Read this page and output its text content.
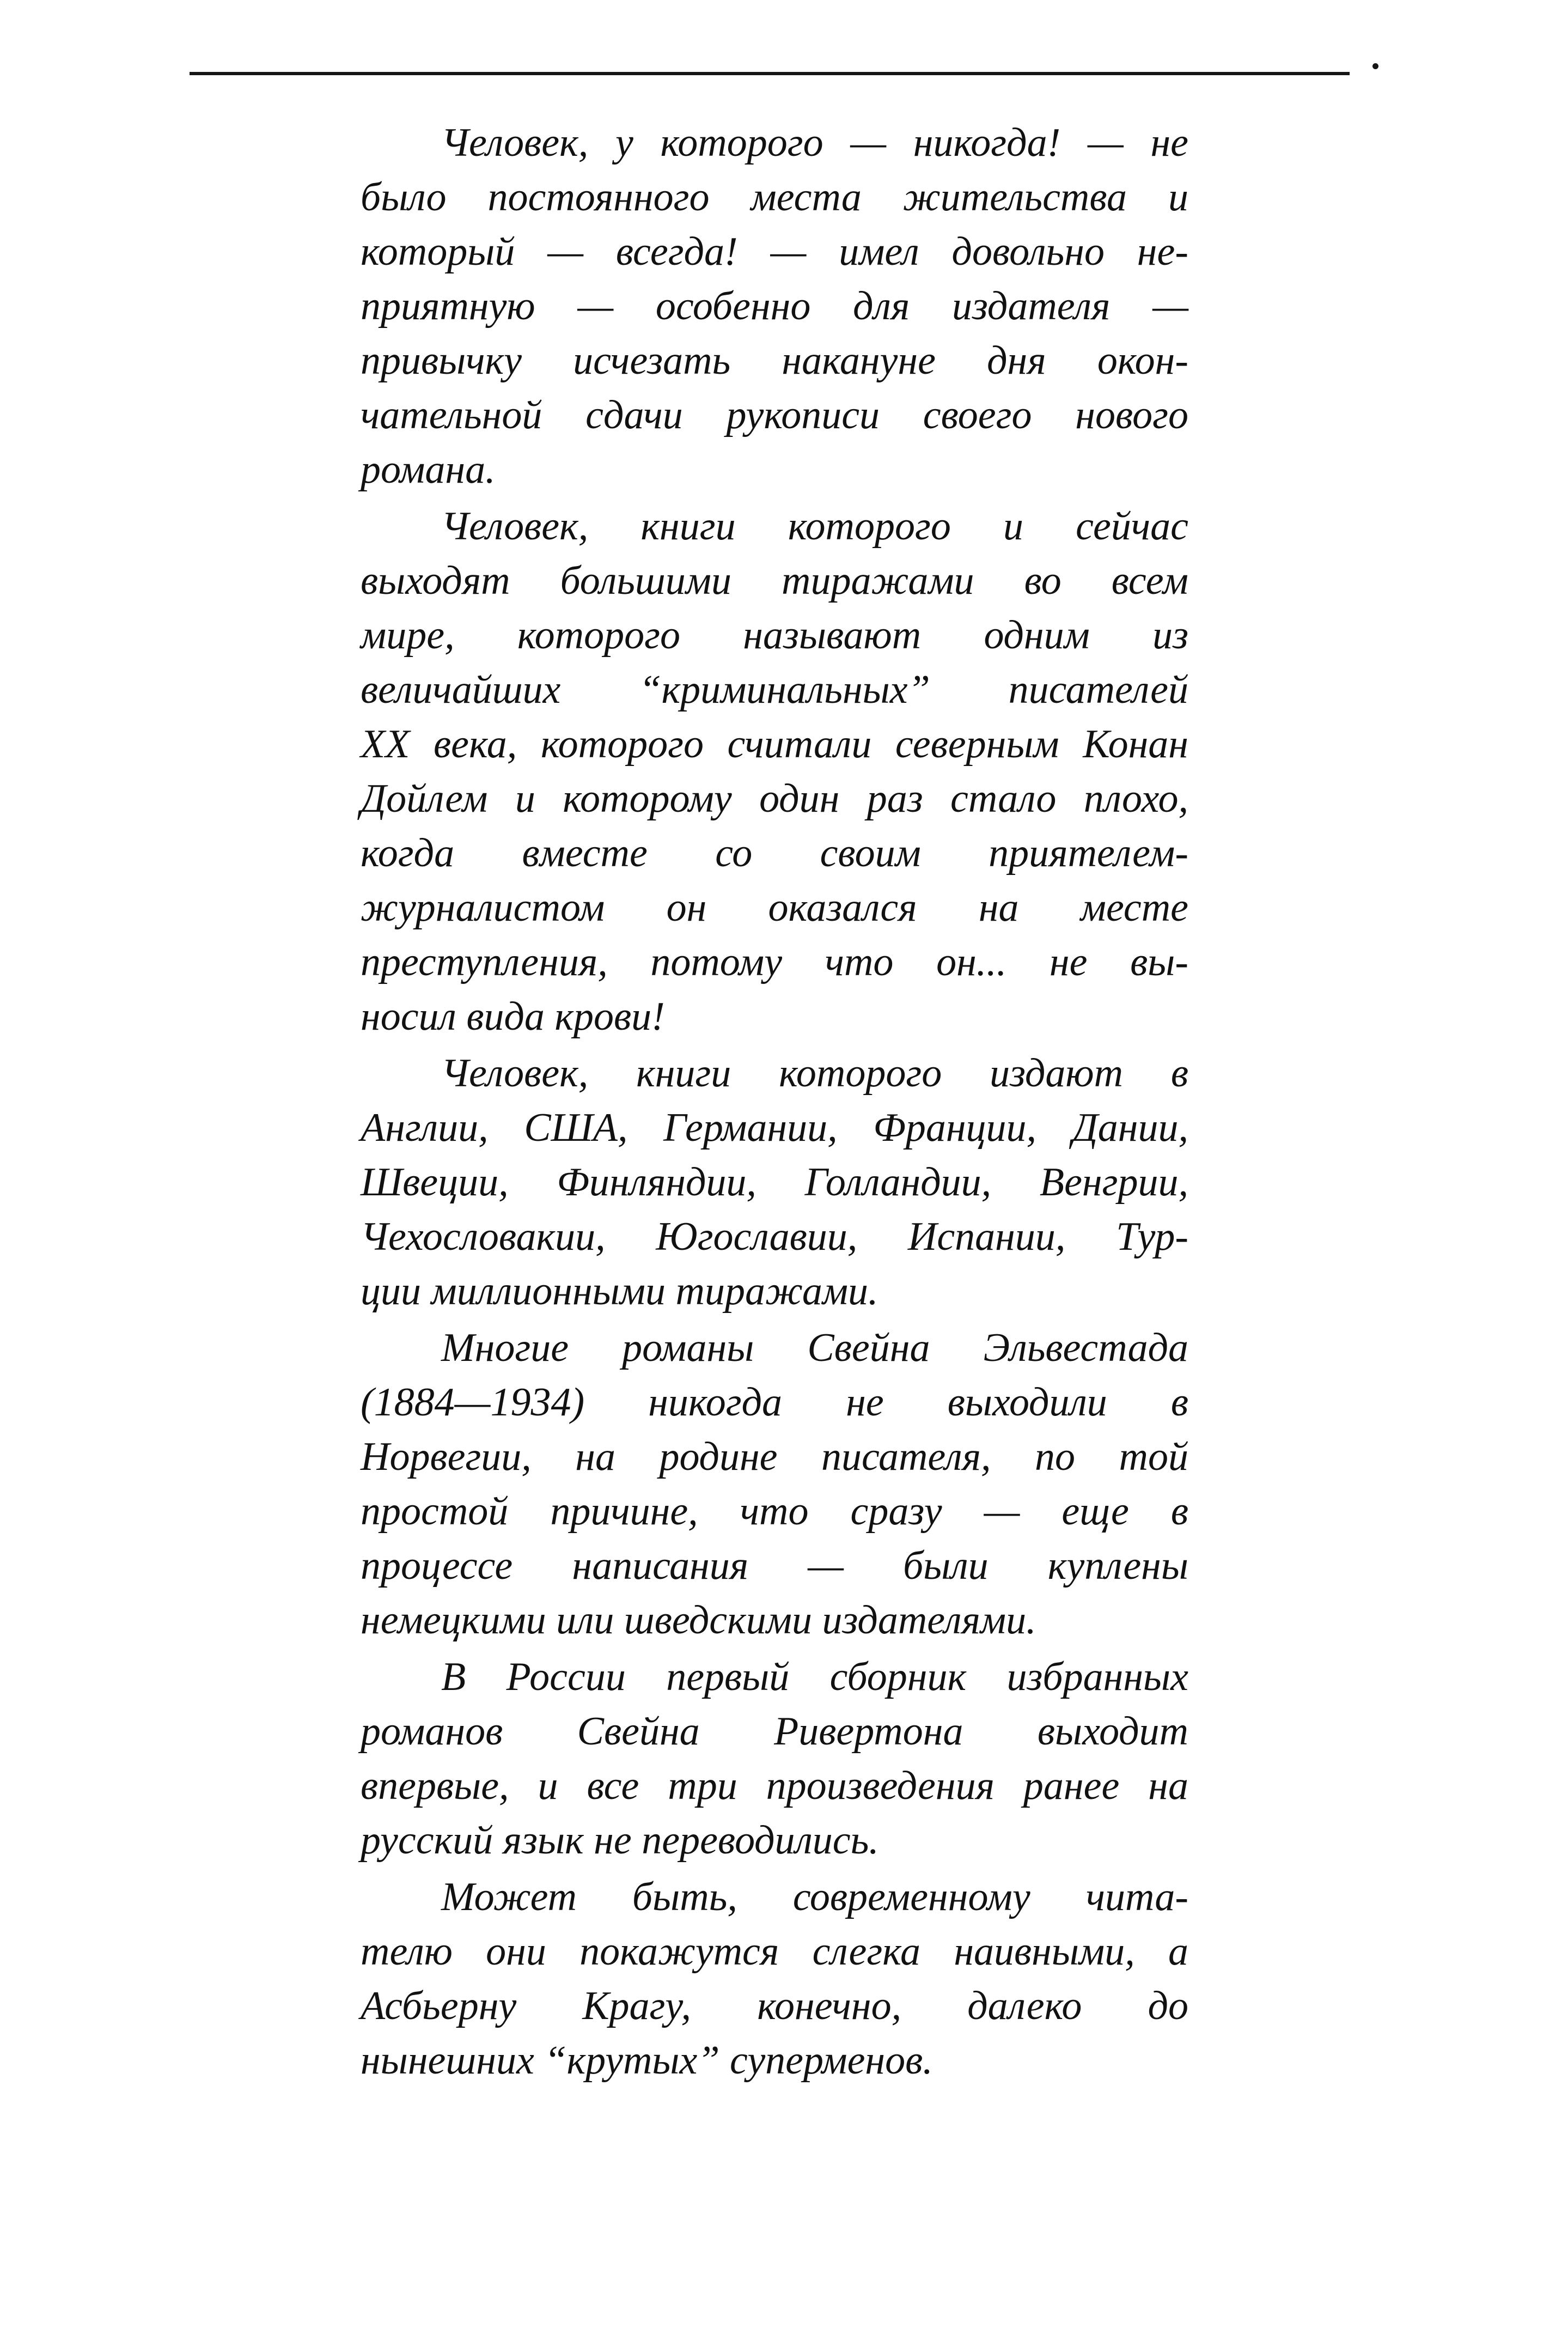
Человек, у которого — никогда! — не
было постоянного места жительства и
который — всегда! — имел довольно не-
приятную — особенно для издателя —
привычку исчезать накануне дня окон-
чательной сдачи рукописи своего нового
романа.

Человек, книги которого и сейчас
выходят большими тиражами во всем
мире, которого называют одним из
величайших “криминальных” писателей
XX века, которого считали северным Конан
Дойлем и которому один раз стало плохо,
когда вместе со своим приятелем-
журналистом он оказался на месте
преступления, потому что он... не вы-
носил вида крови!

Человек, книги которого издают в
Англии, США, Германии, Франции, Дании,
Швеции, Финляндии, Голландии, Венгрии,
Чехословакии, Югославии, Испании, Тур-
ции миллионными тиражами.

Многие романы Свейна Эльвестада
(1884—1934) никогда не выходили в
Норвегии, на родине писателя, по той
простой причине, что сразу — еще в
процессе написания — были куплены
немецкими или шведскими издателями.

В России первый сборник избранных
романов Свейна Ривертона выходит
впервые, и все три произведения ранее на
русский язык не переводились.

Может быть, современному чита-
телю они покажутся слегка наивными, а
Асбьерну Крагу, конечно, далеко до
нынешних “крутых” суперменов.
